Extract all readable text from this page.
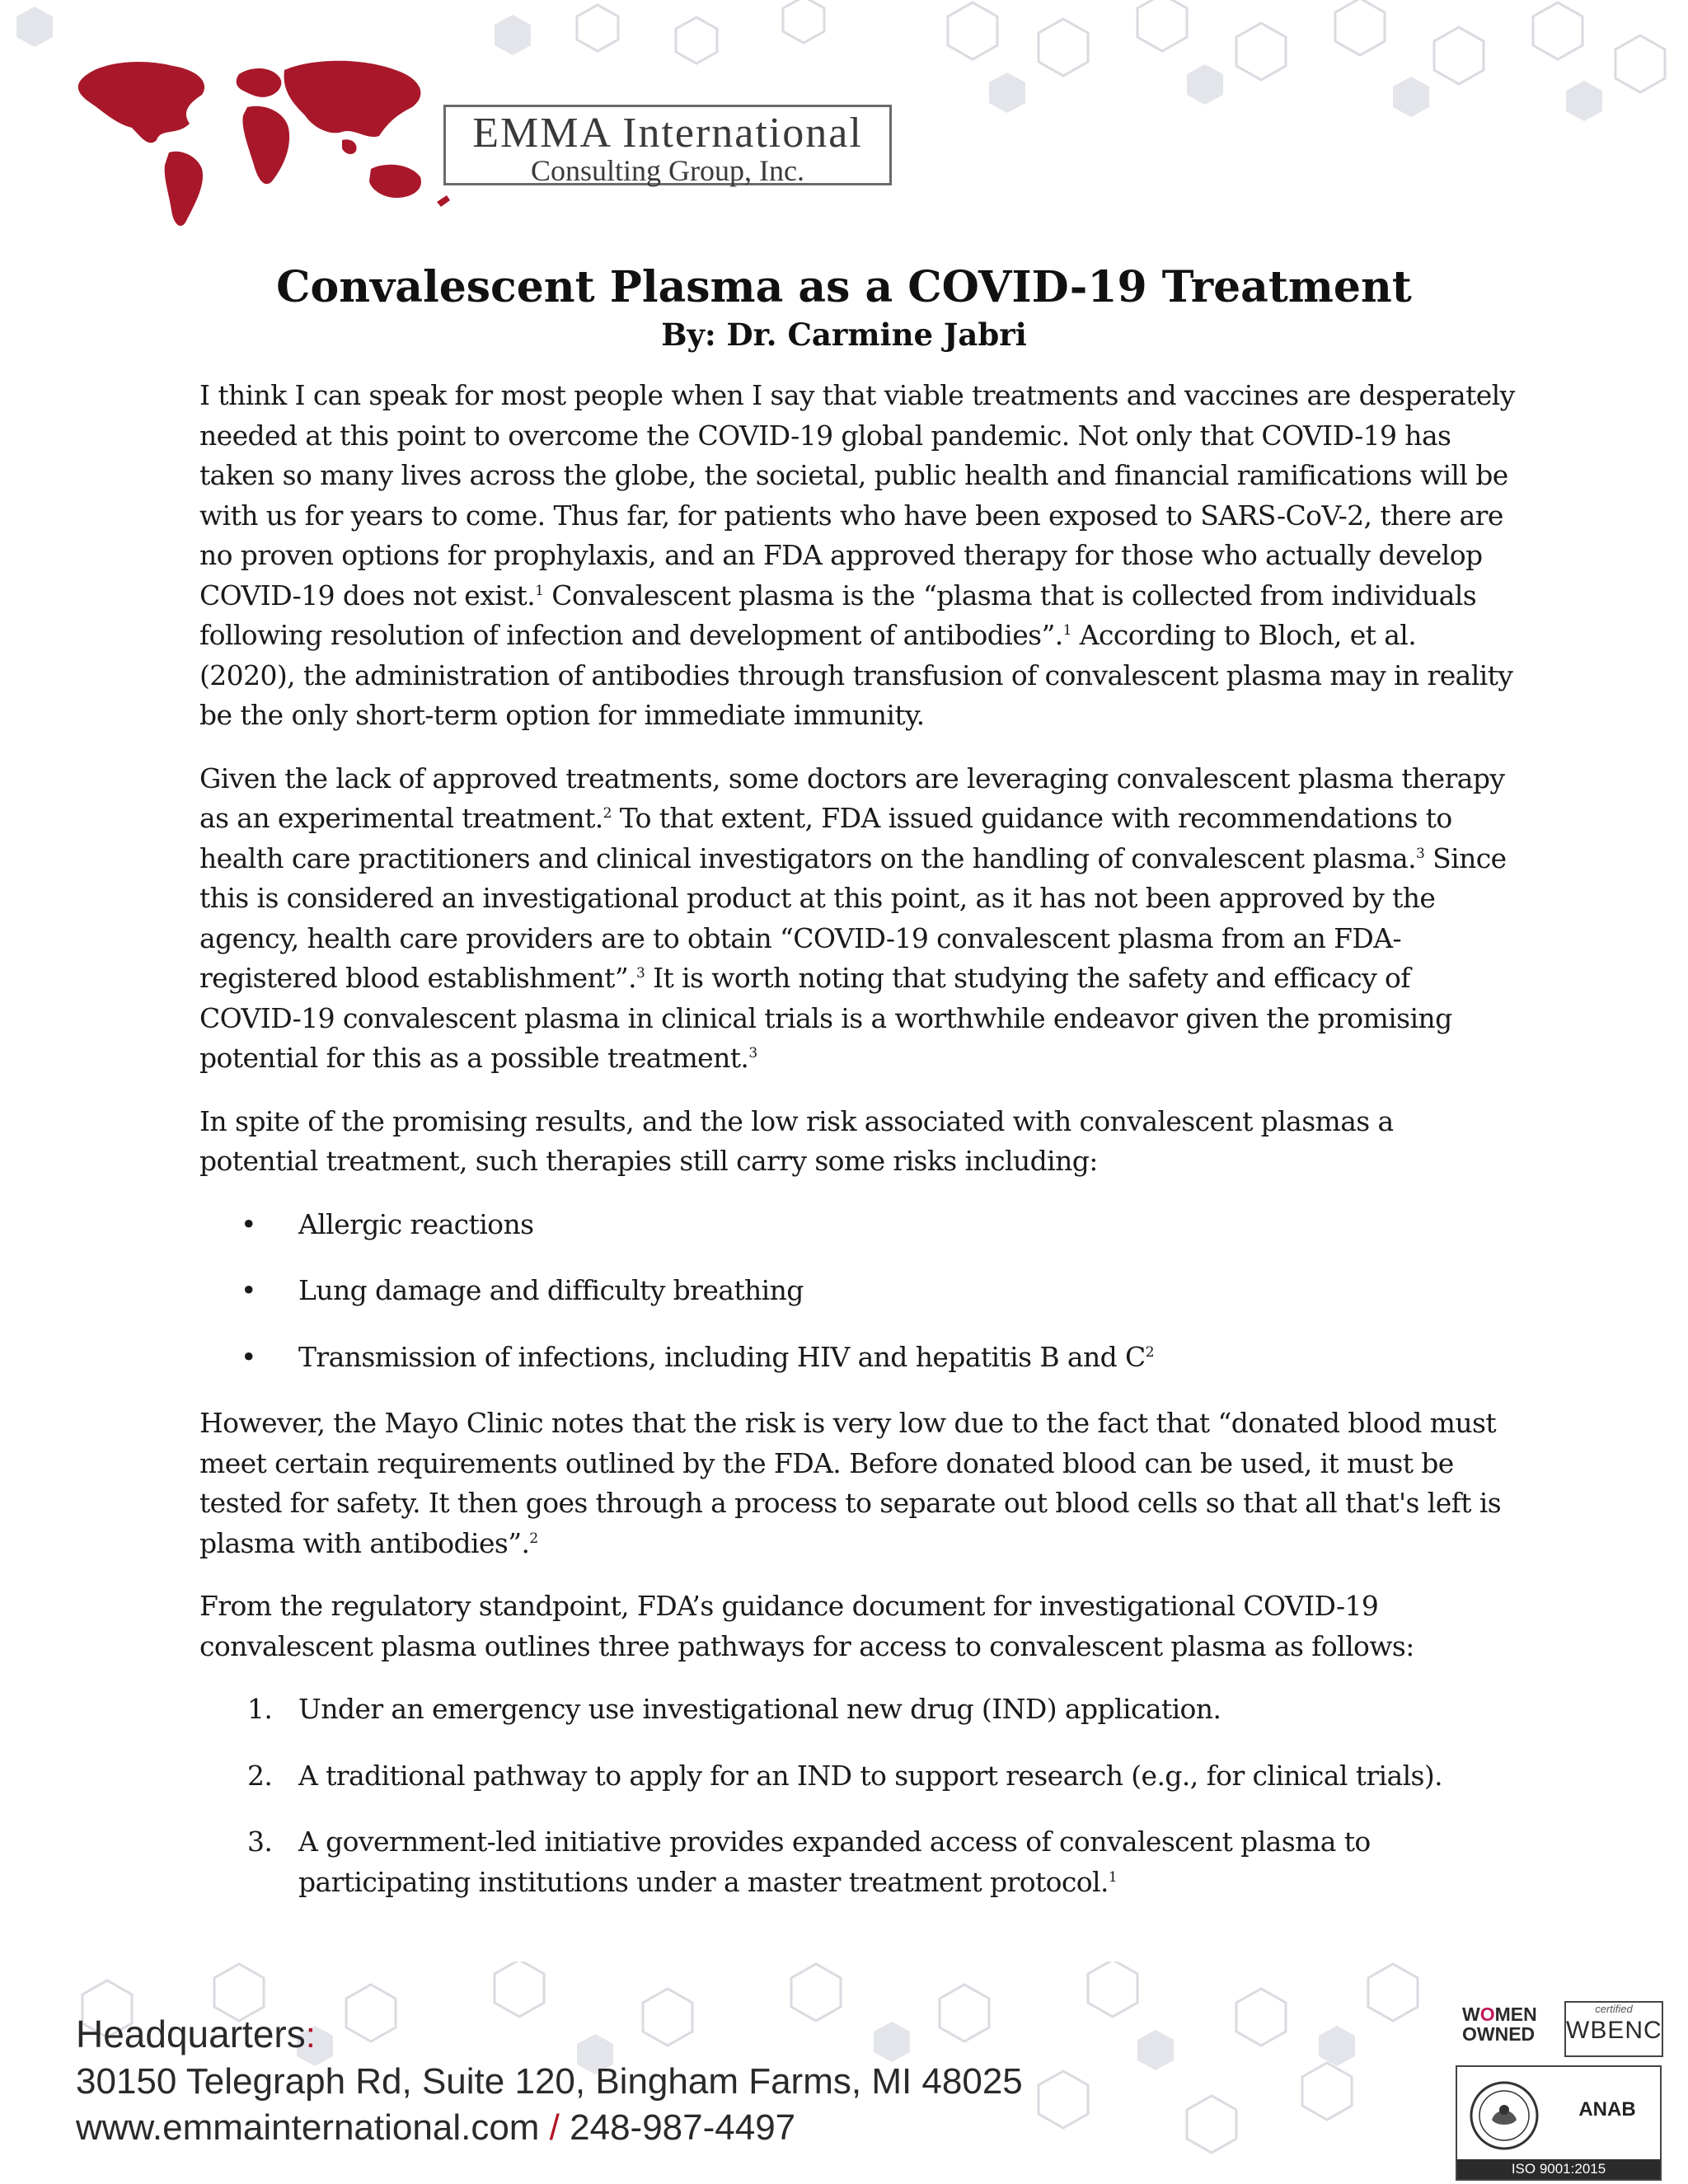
EMMA International
Consulting Group, Inc.
Convalescent Plasma as a COVID-19 Treatment
By: Dr. Carmine Jabri

I think I can speak for most people when I say that viable treatments and vaccines are desperately needed at this point to overcome the COVID-19 global pandemic. Not only that COVID-19 has taken so many lives across the globe, the societal, public health and financial ramifications will be with us for years to come. Thus far, for patients who have been exposed to SARS-CoV-2, there are no proven options for prophylaxis, and an FDA approved therapy for those who actually develop COVID-19 does not exist.$^1$ Convalescent plasma is the “plasma that is collected from individuals following resolution of infection and development of antibodies”.$^1$ According to Bloch, et al. (2020), the administration of antibodies through transfusion of convalescent plasma may in reality be the only short-term option for immediate immunity.

Given the lack of approved treatments, some doctors are leveraging convalescent plasma therapy as an experimental treatment.$^2$ To that extent, FDA issued guidance with recommendations to health care practitioners and clinical investigators on the handling of convalescent plasma.$^3$ Since this is considered an investigational product at this point, as it has not been approved by the agency, health care providers are to obtain “COVID-19 convalescent plasma from an FDA-registered blood establishment”.$^3$ It is worth noting that studying the safety and efficacy of COVID-19 convalescent plasma in clinical trials is a worthwhile endeavor given the promising potential for this as a possible treatment.$^3$

In spite of the promising results, and the low risk associated with convalescent plasmas a potential treatment, such therapies still carry some risks including:

• Allergic reactions
• Lung damage and difficulty breathing
• Transmission of infections, including HIV and hepatitis B and $C^2$

However, the Mayo Clinic notes that the risk is very low due to the fact that “donated blood must meet certain requirements outlined by the FDA. Before donated blood can be used, it must be tested for safety. It then goes through a process to separate out blood cells so that all that's left is plasma with antibodies”.$^2$

From the regulatory standpoint, FDA’s guidance document for investigational COVID-19 convalescent plasma outlines three pathways for access to convalescent plasma as follows:

1. Under an emergency use investigational new drug (IND) application.
2. A traditional pathway to apply for an IND to support research (e.g., for clinical trials).
3. A government-led initiative provides expanded access of convalescent plasma to participating institutions under a master treatment protocol.$^1$
Headquarters:
30150 Telegraph Rd, Suite 120, Bingham Farms, MI 48025
www.emmainternational.com / 248-987-4497
WOMEN
OWNED
certified
WBENC
ANAB
ISO 9001:2015
